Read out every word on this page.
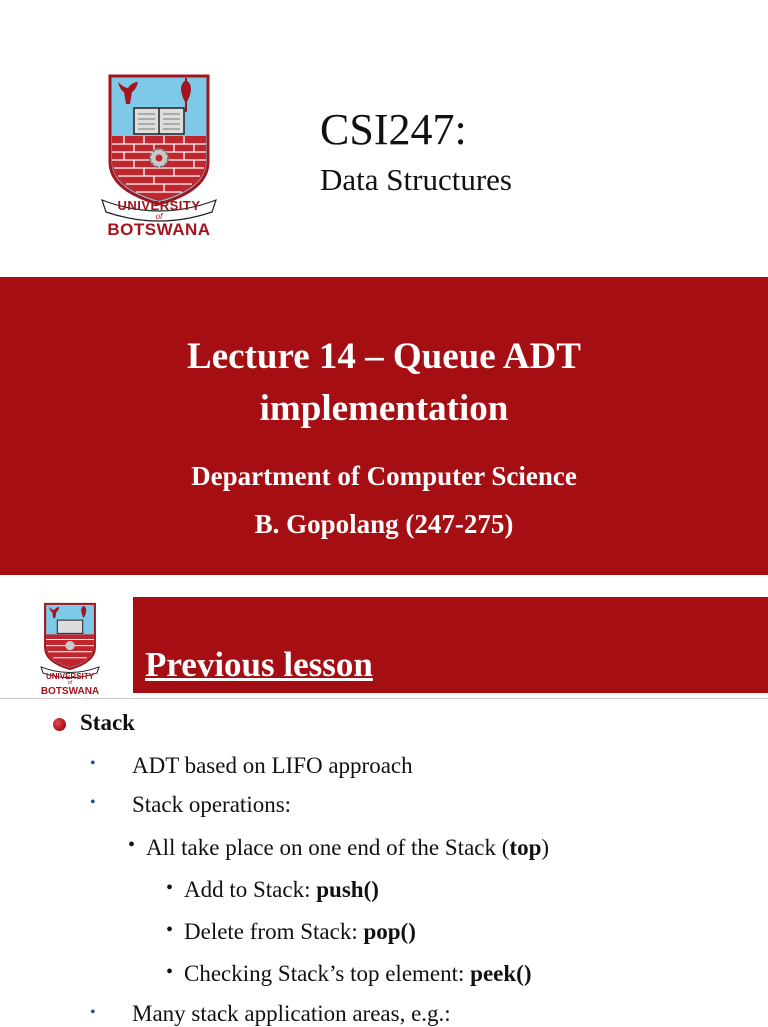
UNIVERSITY
of
BOTSWANA
CSI247:
Data Structures
Lecture 14 – Queue ADT
implementation
Department of Computer Science
B. Gopolang (247-275)
UNIVERSITY
of
BOTSWANA
Previous lesson
Stack
• ADT based on LIFO approach
• Stack operations:
• All take place on one end of the Stack (top)
• Add to Stack: push()
• Delete from Stack: pop()
• Checking Stack’s top element: peek()
• Many stack application areas, e.g.:
